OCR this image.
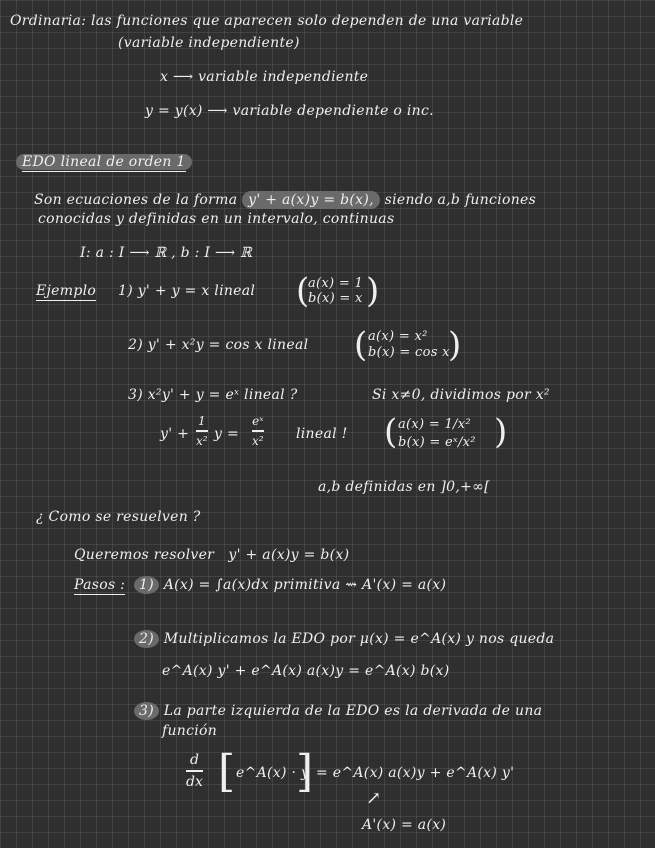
Ordinaria: las funciones que aparecen solo dependen de una variable
(variable independiente)
x ⟶ variable independiente
y = y(x) ⟶ variable dependiente o inc.
EDO lineal de orden 1
Son ecuaciones de la forma y' + a(x)y = b(x), siendo a,b funciones
conocidas y definidas en un intervalo, continuas
I: a : I ⟶ ℝ , b : I ⟶ ℝ
Ejemplo 1) y' + y = x lineal (
a(x) = 1
b(x) = x )
2) y' + x²y = cos x lineal ( a(x) = x²
b(x) = cos x
)
3) x²y' + y = eˣ lineal ?	Si x≠0, dividimos por x²
y' +
1
x² y =
eˣ
x² lineal ! ( a(x) = 1/x²
b(x) = eˣ/x² )
a,b definidas en ]0,+∞[
¿ Como se resuelven ?
Queremos resolver y' + a(x)y = b(x)
Pasos : 1) A(x) = ∫a(x)dx primitiva ⇝ A'(x) = a(x)
2) Multiplicamos la EDO por μ(x) = e^A(x) y nos queda
e^A(x) y' + e^A(x) a(x)y = e^A(x) b(x)
3) La parte izquierda de la EDO es la derivada de una
función
d
dx [ e^A(x) · y
] = e^A(x) a(x)y + e^A(x) y'
↗
A'(x) = a(x)
